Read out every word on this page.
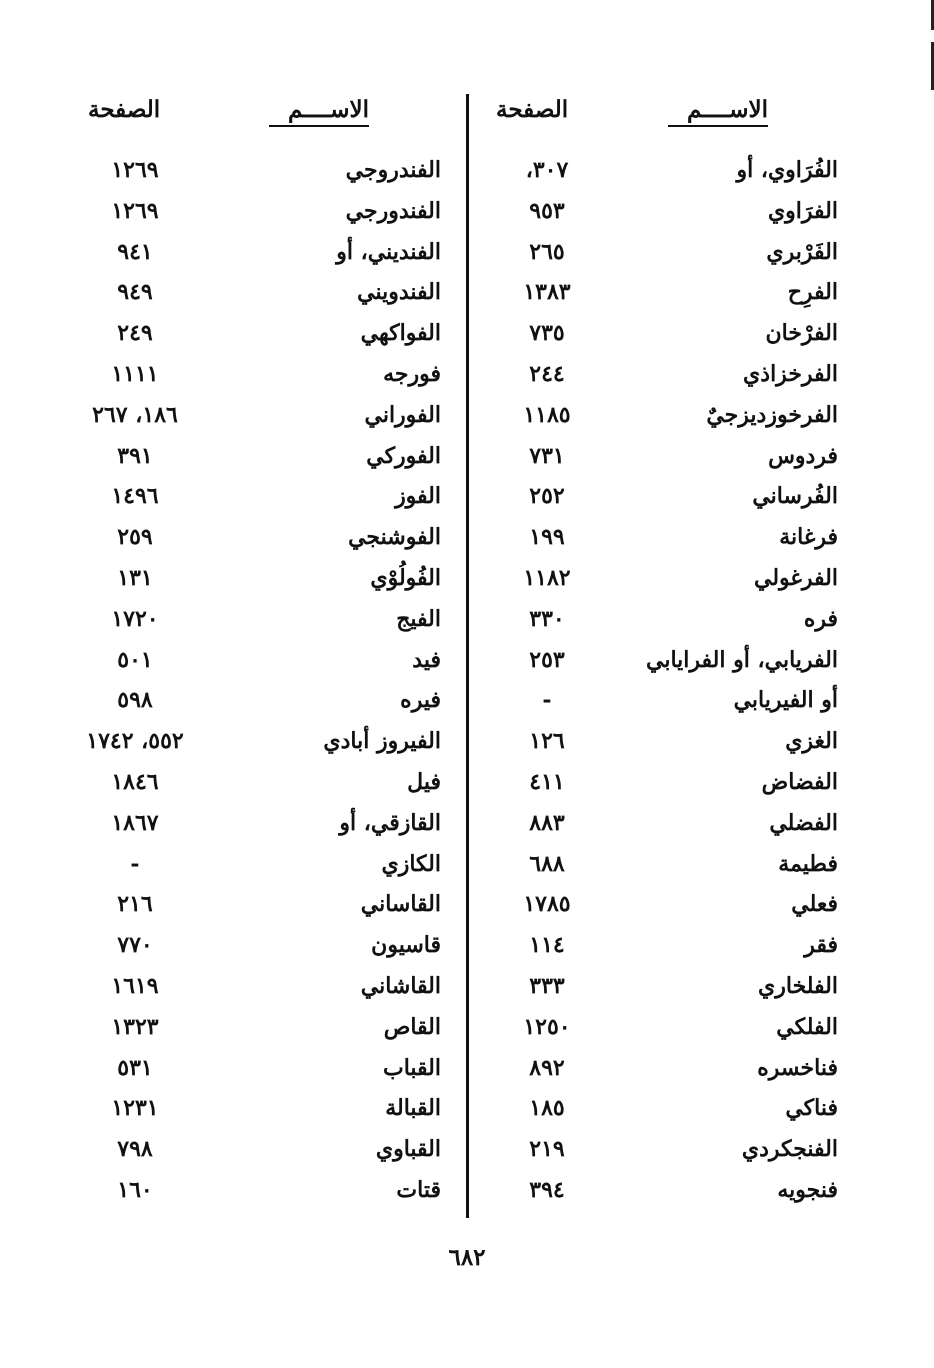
الاســــم
الصفحة
الفُرَاوي، أو
٣٠٧،
الفرَاوي
٩٥٣
الفَرْبري
٢٦٥
الفرِح
١٣٨٣
الفرْخان
٧٣٥
الفرخزاذي
٢٤٤
الفرخوزديزجيٌ
١١٨٥
فردوس
٧٣١
الفُرساني
٢٥٢
فرغانة
١٩٩
الفرغولي
١١٨٢
فره
٣٣٠
الفريابي، أو الفرايابي
٢٥٣
أو الفيريابي
-
الغزي
١٢٦
الفضاض
٤١١
الفضلي
٨٨٣
فطيمة
٦٨٨
فعلي
١٧٨٥
فقر
١١٤
الفلخاري
٣٣٣
الفلكي
١٢٥٠
فناخسره
٨٩٢
فناكي
١٨٥
الفنجكردي
٢١٩
فنجويه
٣٩٤
الاســــم
الصفحة
الفندروجي
١٢٦٩
الفندورجي
١٢٦٩
الفنديني، أو
٩٤١
الفندويني
٩٤٩
الفواكهي
٢٤٩
فورجه
١١١١
الفوراني
١٨٦، ٢٦٧
الفوركي
٣٩١
الفوز
١٤٩٦
الفوشنجي
٢٥٩
الفُولُوْي
١٣١
الفيج
١٧٢٠
فيد
٥٠١
فيره
٥٩٨
الفيروز أبادي
٥٥٢، ١٧٤٢
فيل
١٨٤٦
القازقي، أو
١٨٦٧
الكازي
-
القاساني
٢١٦
قاسيون
٧٧٠
القاشاني
١٦١٩
القاص
١٣٢٣
القباب
٥٣١
القبالة
١٢٣١
القباوي
٧٩٨
قتات
١٦٠
٦٨٢
